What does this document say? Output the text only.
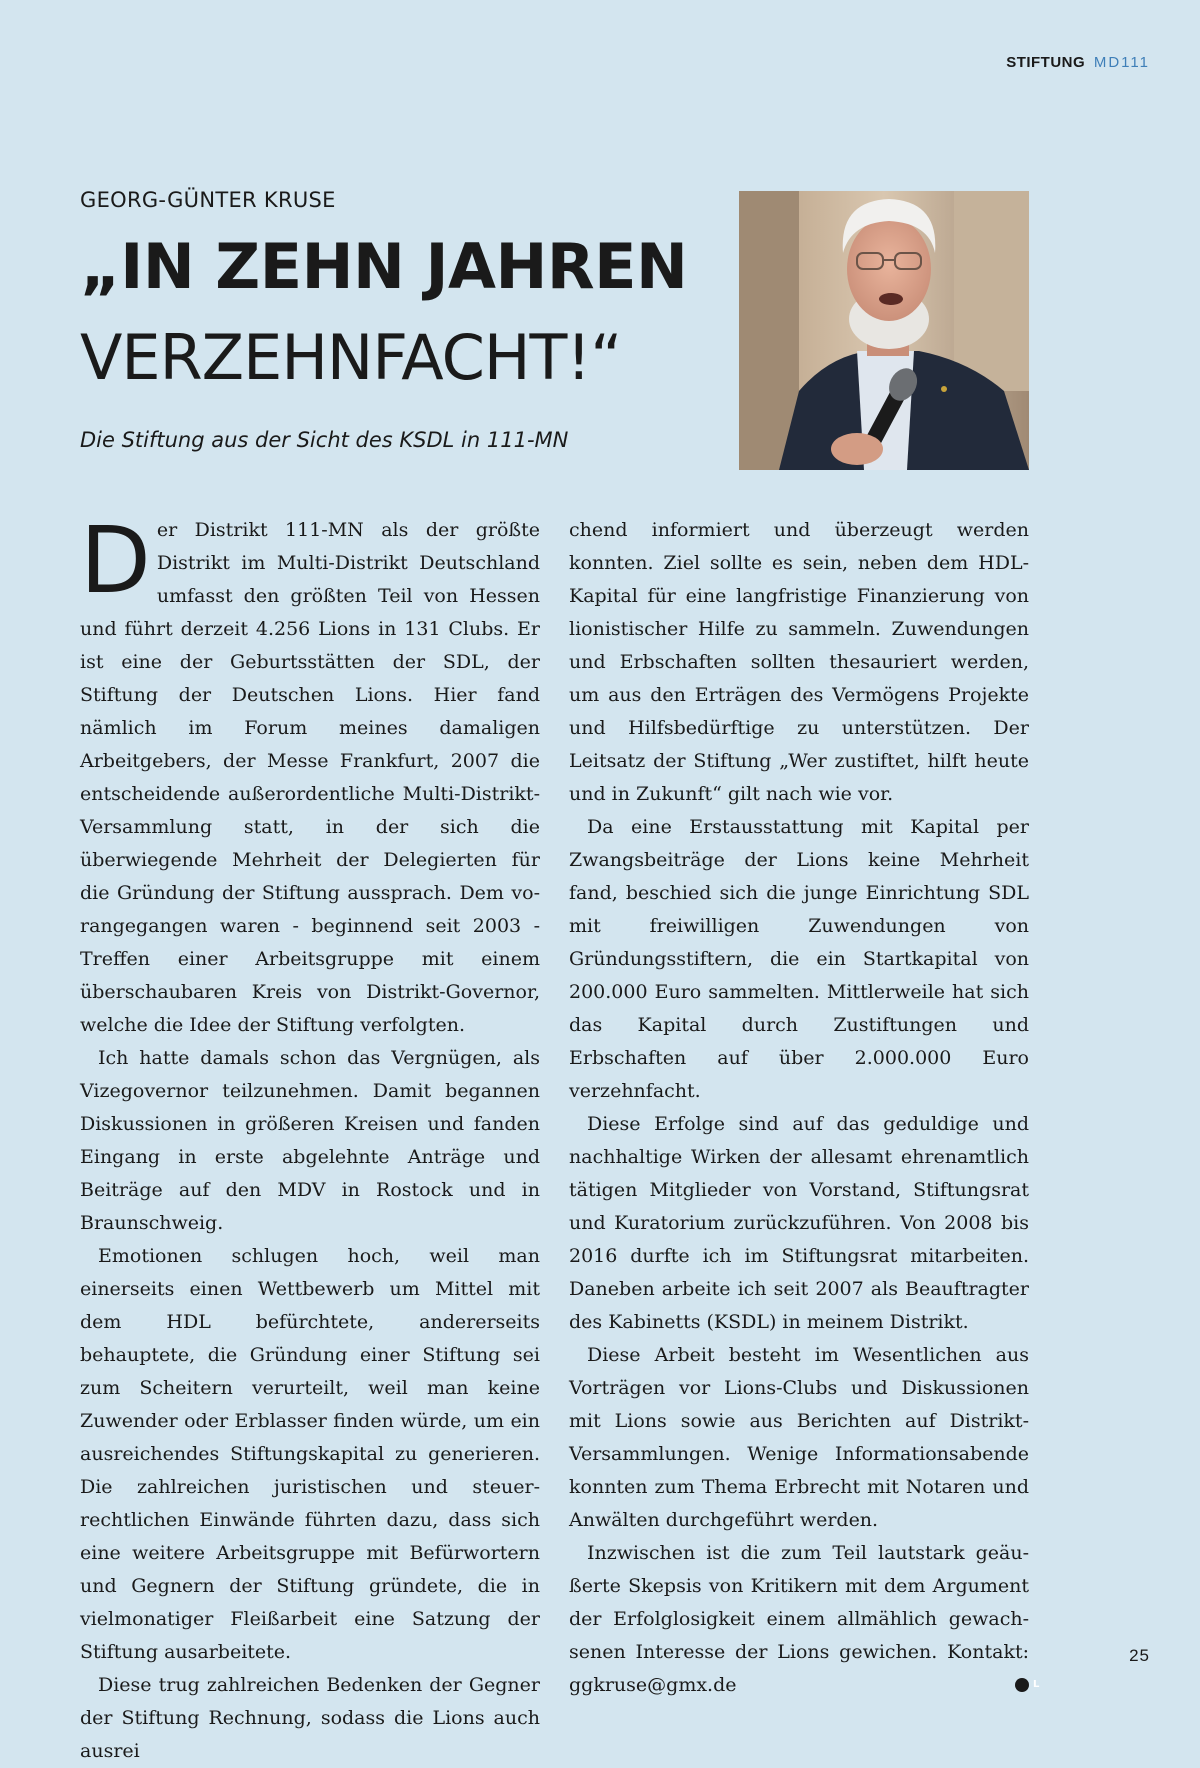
STIFTUNG MD111
GEORG-GÜNTER KRUSE
„IN ZEHN JAHREN
VERZEHNFACHT!“
Die Stiftung aus der Sicht des KSDL in 111-MN

Der Distrikt 111-MN als der größte Distrikt im Multi-Distrikt Deutschland umfasst den größten Teil von Hessen und führt derzeit 4.256 Lions in 131 Clubs. Er ist eine der Geburtsstätten der SDL, der Stiftung der Deutschen Lions. Hier fand nämlich im Forum meines damaligen Arbeitgebers, der Messe Frankfurt, 2007 die entscheidende außerordentliche Multi-Distrikt-Versammlung statt, in der sich die überwiegende Mehrheit der Delegierten für die Gründung der Stiftung aussprach. Dem vorangegangen waren - beginnend seit 2003 - Treffen einer Arbeitsgruppe mit einem überschaubaren Kreis von Distrikt-Governor, welche die Idee der Stiftung verfolgten.

Ich hatte damals schon das Vergnügen, als Vizegovernor teilzunehmen. Damit begannen Diskussionen in größeren Kreisen und fanden Eingang in erste abgelehnte Anträge und Beiträge auf den MDV in Rostock und in Braunschweig.

Emotionen schlugen hoch, weil man einerseits einen Wettbewerb um Mittel mit dem HDL befürchtete, andererseits behauptete, die Gründung einer Stiftung sei zum Scheitern verurteilt, weil man keine Zuwender oder Erblasser finden würde, um ein ausreichendes Stiftungskapital zu generieren. Die zahlreichen juristischen und steuerrechtlichen Einwände führten dazu, dass sich eine weitere Arbeitsgruppe mit Befürwortern und Gegnern der Stiftung gründete, die in vielmonatiger Fleißarbeit eine Satzung der Stiftung ausarbeitete.

Diese trug zahlreichen Bedenken der Gegner der Stiftung Rechnung, sodass die Lions auch ausrei

chend informiert und überzeugt werden konnten. Ziel sollte es sein, neben dem HDL-Kapital für eine langfristige Finanzierung von lionistischer Hilfe zu sammeln. Zuwendungen und Erbschaften sollten thesauriert werden, um aus den Erträgen des Vermögens Projekte und Hilfsbedürftige zu unterstützen. Der Leitsatz der Stiftung „Wer zustiftet, hilft heute und in Zukunft“ gilt nach wie vor.

Da eine Erstausstattung mit Kapital per Zwangsbeiträge der Lions keine Mehrheit fand, beschied sich die junge Einrichtung SDL mit freiwilligen Zuwendungen von Gründungsstiftern, die ein Startkapital von 200.000 Euro sammelten. Mittlerweile hat sich das Kapital durch Zustiftungen und Erbschaften auf über 2.000.000 Euro verzehnfacht.

Diese Erfolge sind auf das geduldige und nachhaltige Wirken der allesamt ehrenamtlich tätigen Mitglieder von Vorstand, Stiftungsrat und Kuratorium zurückzuführen. Von 2008 bis 2016 durfte ich im Stiftungsrat mitarbeiten. Daneben arbeite ich seit 2007 als Beauftragter des Kabinetts (KSDL) in meinem Distrikt.

Diese Arbeit besteht im Wesentlichen aus Vorträgen vor Lions-Clubs und Diskussionen mit Lions sowie aus Berichten auf Distrikt-Versammlungen. Wenige Informationsabende konnten zum Thema Erbrecht mit Notaren und Anwälten durchgeführt werden.

Inzwischen ist die zum Teil lautstark geäußerte Skepsis von Kritikern mit dem Argument der Erfolglosigkeit einem allmählich gewachsenen Interesse der Lions gewichen. Kontakt: ggkruse@gmx.de	L

25
